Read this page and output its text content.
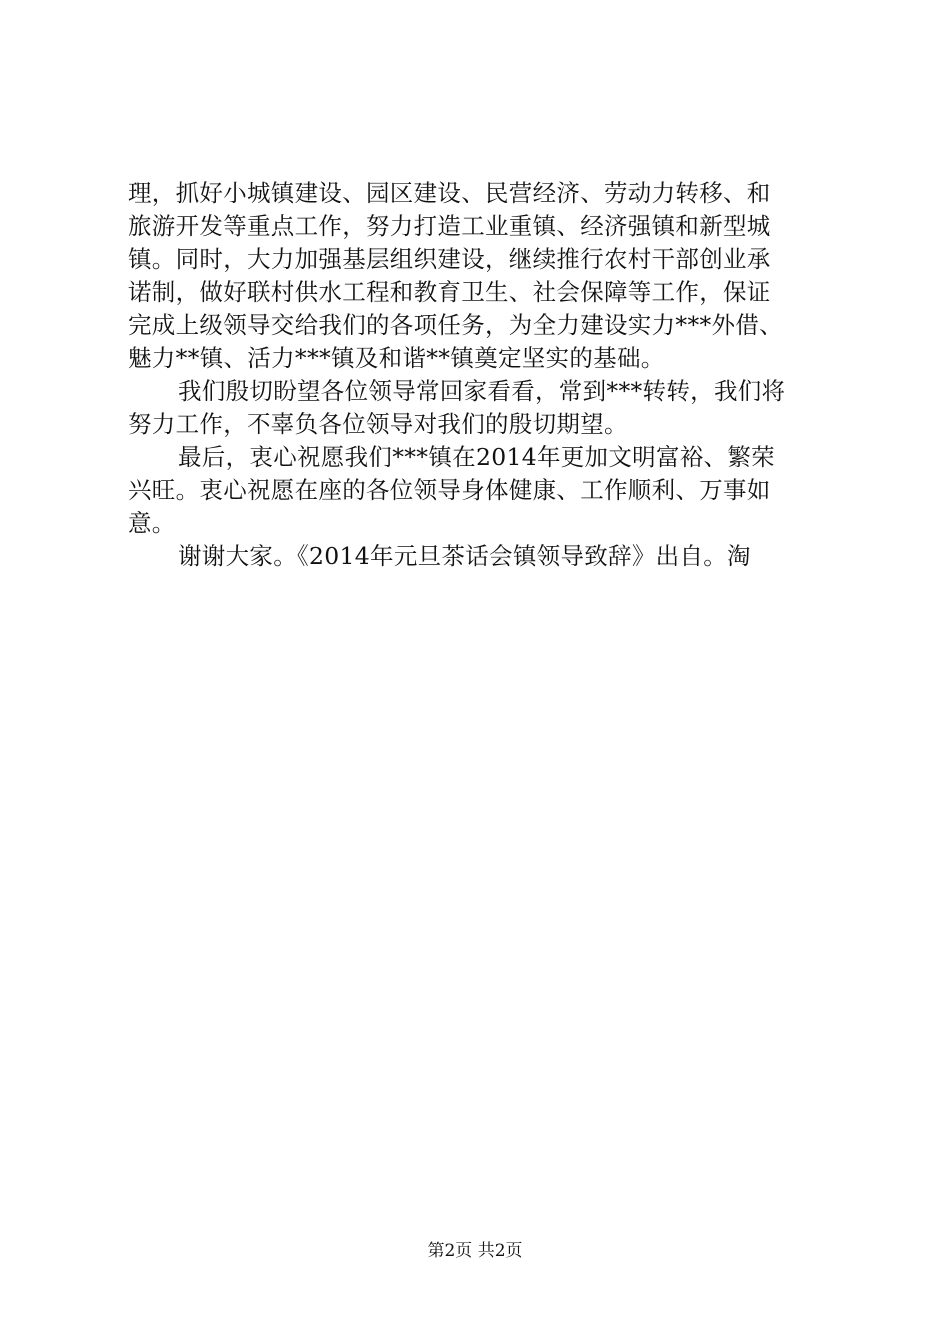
理，抓好小城镇建设、园区建设、民营经济、劳动力转移、和
旅游开发等重点工作，努力打造工业重镇、经济强镇和新型城
镇。同时，大力加强基层组织建设，继续推行农村干部创业承
诺制，做好联村供水工程和教育卫生、社会保障等工作，保证
完成上级领导交给我们的各项任务，为全力建设实力***外借、
魅力**镇、活力***镇及和谐**镇奠定坚实的基础。
我们殷切盼望各位领导常回家看看，常到***转转，我们将
努力工作，不辜负各位领导对我们的殷切期望。
最后，衷心祝愿我们***镇在2014年更加文明富裕、繁荣
兴旺。衷心祝愿在座的各位领导身体健康、工作顺利、万事如
意。
谢谢大家。《2014年元旦茶话会镇领导致辞》出自。淘
第2页 共2页
